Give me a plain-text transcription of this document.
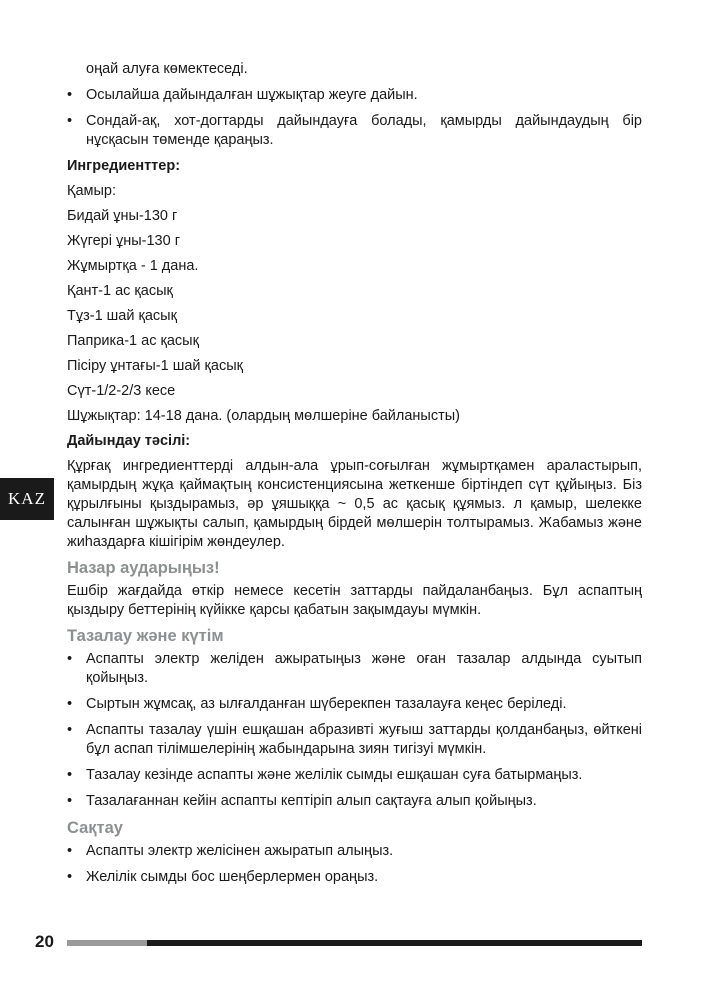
KAZ

оңай алуға көмектеседі.

• Осылайша дайындалған шұжықтар жеуге дайын.
• Сондай-ақ, хот-догтарды дайындауға болады, қамырды дайындаудың бір нұсқасын төменде қараңыз.

Ингредиенттер:

Қамыр:

Бидай ұны-130 г

Жүгері ұны-130 г

Жұмыртқа - 1 дана.

Қант-1 ас қасық

Тұз-1 шай қасық

Паприка-1 ас қасық

Пісіру ұнтағы-1 шай қасық

Сүт-1/2-2/3 кесе

Шұжықтар: 14-18 дана. (олардың мөлшеріне байланысты)

Дайындау тәсілі:

Құрғақ ингредиенттерді алдын-ала ұрып-соғылған жұмыртқамен араластырып, қамырдың жұқа қаймақтың консистенциясына жеткенше біртіндеп сүт құйыңыз. Біз құрылғыны қыздырамыз, әр ұяшыққа ~ 0,5 ас қасық құямыз. л қамыр, шелекке салынған шұжықты салып, қамырдың бірдей мөлшерін толтырамыз. Жабамыз және жиһаздарға кішігірім жөндеулер.

Назар аударыңыз!

Ешбір жағдайда өткір немесе кесетін заттарды пайдаланбаңыз. Бұл аспаптың қыздыру беттерінің күйікке қарсы қабатын зақымдауы мүмкін.

Тазалау және күтім
• Аспапты электр желіден ажыратыңыз және оған тазалар алдында суытып қойыңыз.
• Сыртын жұмсақ, аз ылғалданған шүберекпен тазалауға кеңес беріледі.
• Аспапты тазалау үшін ешқашан абразивті жуғыш заттарды қолданбаңыз, өйткені бұл аспап тілімшелерінің жабындарына зиян тигізуі мүмкін.
• Тазалау кезінде аспапты және желілік сымды ешқашан суға батырмаңыз.
• Тазалағаннан кейін аспапты кептіріп алып сақтауға алып қойыңыз.
Сақтау
• Аспапты электр желісінен ажыратып алыңыз.
• Желілік сымды бос шеңберлермен ораңыз.
20
